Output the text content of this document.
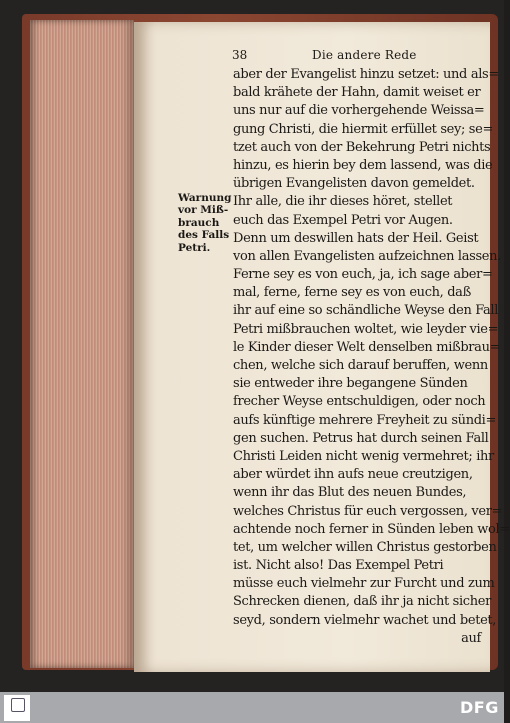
38	Die andere Rede
Warnung
vor Miß-
brauch
des Falls
Petri.
aber der Evangelist hinzu setzet: und als=
bald krähete der Hahn, damit weiset er
uns nur auf die vorhergehende Weissa=
gung Christi, die hiermit erfüllet sey; se=
tzet auch von der Bekehrung Petri nichts
hinzu, es hierin bey dem lassend, was die
übrigen Evangelisten davon gemeldet.
Ihr alle, die ihr dieses höret, stellet
euch das Exempel Petri vor Augen.
Denn um deswillen hats der Heil. Geist
von allen Evangelisten aufzeichnen lassen.
Ferne sey es von euch, ja, ich sage aber=
mal, ferne, ferne sey es von euch, daß
ihr auf eine so schändliche Weyse den Fall
Petri mißbrauchen woltet, wie leyder vie=
le Kinder dieser Welt denselben mißbrau=
chen, welche sich darauf beruffen, wenn
sie entweder ihre begangene Sünden
frecher Weyse entschuldigen, oder noch
aufs künftige mehrere Freyheit zu sündi=
gen suchen. Petrus hat durch seinen Fall
Christi Leiden nicht wenig vermehret; ihr
aber würdet ihn aufs neue creutzigen,
wenn ihr das Blut des neuen Bundes,
welches Christus für euch vergossen, ver=
achtende noch ferner in Sünden leben wol=
tet, um welcher willen Christus gestorben
ist. Nicht also! Das Exempel Petri
müsse euch vielmehr zur Furcht und zum
Schrecken dienen, daß ihr ja nicht sicher
seyd, sondern vielmehr wachet und betet,
auf
DFG
